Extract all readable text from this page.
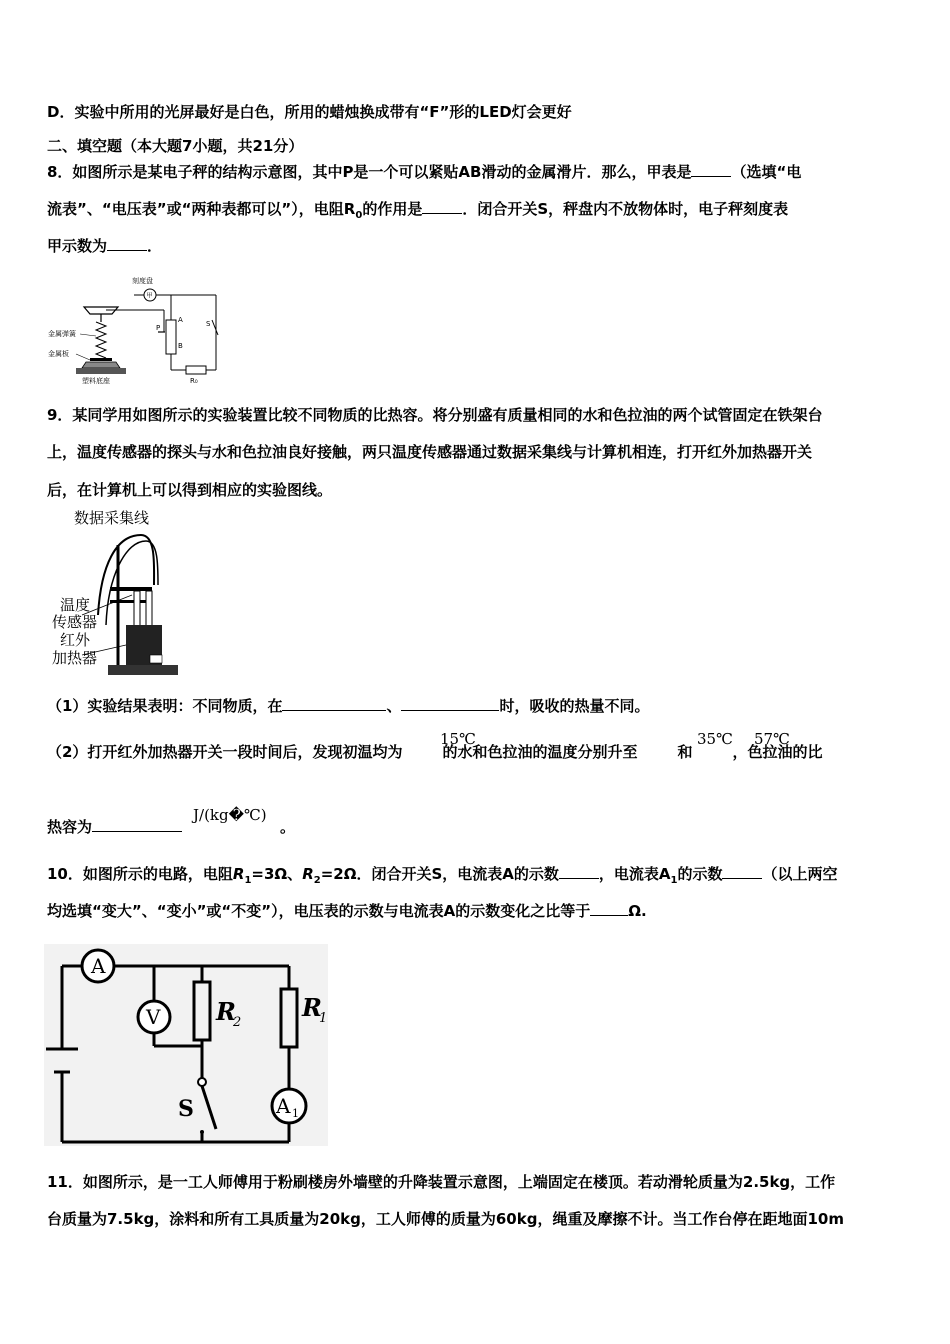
D．实验中所用的光屏最好是白色，所用的蜡烛换成带有“F”形的LED灯会更好
二、填空题（本大题7小题，共21分）
8．如图所示是某电子秤的结构示意图，其中P是一个可以紧贴AB滑动的金属滑片．那么，甲表是	（选填“电
流表”、“电压表”或“两种表都可以”），电阻$R_0$的作用是	．闭合开关S，秤盘内不放物体时，电子秤刻度表
甲示数为	．
甲
刻度盘
P
A
B
S
R₀
金属弹簧
金属板
塑料底座
9．某同学用如图所示的实验装置比较不同物质的比热容。将分别盛有质量相同的水和色拉油的两个试管固定在铁架台
上，温度传感器的探头与水和色拉油良好接触，两只温度传感器通过数据采集线与计算机相连，打开红外加热器开关
后，在计算机上可以得到相应的实验图线。
数据采集线
温度
传感器
红外
加热器
（1）实验结果表明：不同物质，在	、	时，吸收的热量不同。
（2）打开红外加热器开关一段时间后，发现初温均为	的水和色拉油的温度分别升至	和	，色拉油的比
15℃	35℃ 57℃
热容为	。
J/(kg�℃)
10．如图所示的电路，电阻$R_1=3\Omega$、$R_2=2\Omega$．闭合开关S，电流表A的示数	，电流表$A_1$的示数	（以上两空
均选填“变大”、“变小”或“不变”），电压表的示数与电流表A的示数变化之比等于	Ω.
A
V
A 1
R
2
R
1
S
11．如图所示，是一工人师傅用于粉刷楼房外墙壁的升降装置示意图，上端固定在楼顶。若动滑轮质量为2.5kg，工作
台质量为7.5kg，涂料和所有工具质量为20kg，工人师傅的质量为60kg，绳重及摩擦不计。当工作台停在距地面10m
